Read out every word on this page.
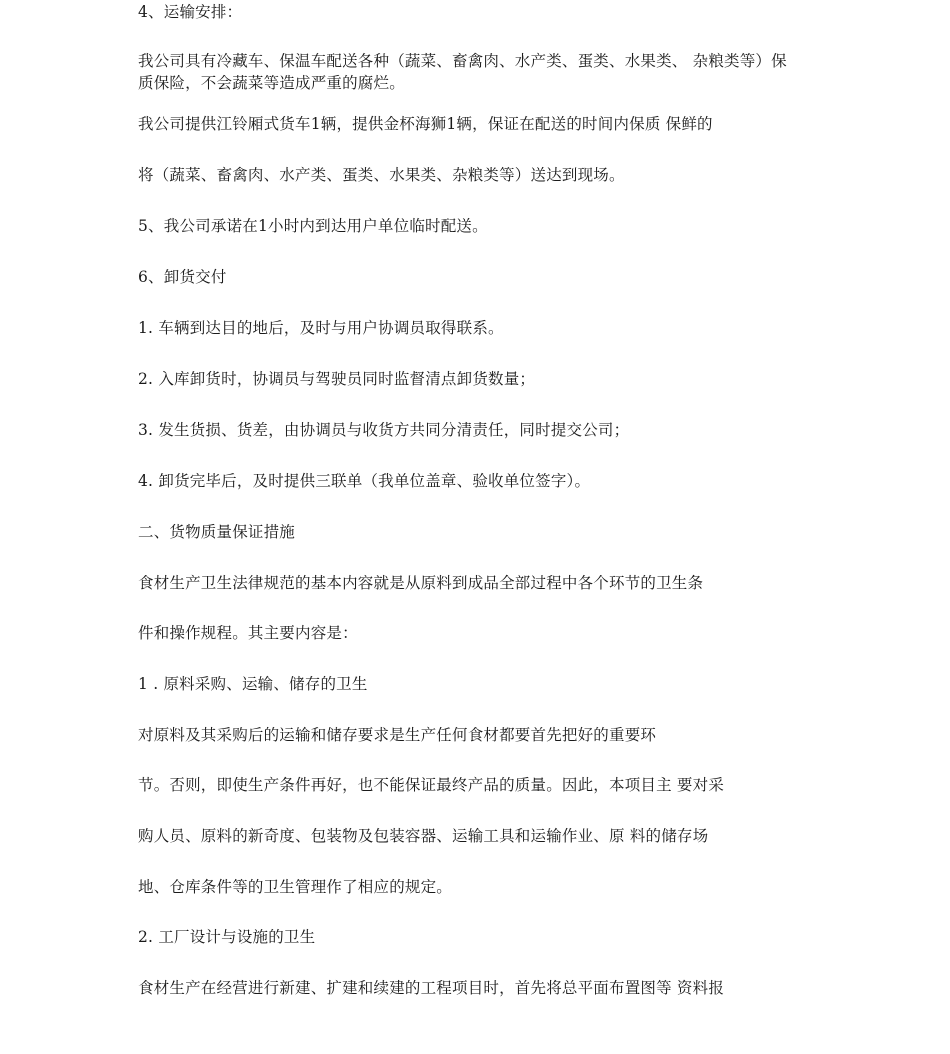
4、运输安排：
我公司具有冷藏车、保温车配送各种（蔬菜、畜禽肉、水产类、蛋类、水果类、 杂粮类等）保质保险，不会蔬菜等造成严重的腐烂。
我公司提供江铃厢式货车1辆，提供金杯海狮1辆，保证在配送的时间内保质 保鲜的
将（蔬菜、畜禽肉、水产类、蛋类、水果类、杂粮类等）送达到现场。
5、我公司承诺在1小时内到达用户单位临时配送。
6、卸货交付
1. 车辆到达目的地后，及时与用户协调员取得联系。
2. 入库卸货时，协调员与驾驶员同时监督清点卸货数量；
3. 发生货损、货差，由协调员与收货方共同分清责任，同时提交公司；
4. 卸货完毕后，及时提供三联单（我单位盖章、验收单位签字）。
二、货物质量保证措施
食材生产卫生法律规范的基本内容就是从原料到成品全部过程中各个环节的卫生条
件和操作规程。其主要内容是：
1 . 原料采购、运输、储存的卫生
对原料及其采购后的运输和储存要求是生产任何食材都要首先把好的重要环
节。否则，即使生产条件再好，也不能保证最终产品的质量。因此，本项目主 要对采
购人员、原料的新奇度、包装物及包装容器、运输工具和运输作业、原 料的储存场
地、仓库条件等的卫生管理作了相应的规定。
2. 工厂设计与设施的卫生
食材生产在经营进行新建、扩建和续建的工程项目时，首先将总平面布置图等 资料报
